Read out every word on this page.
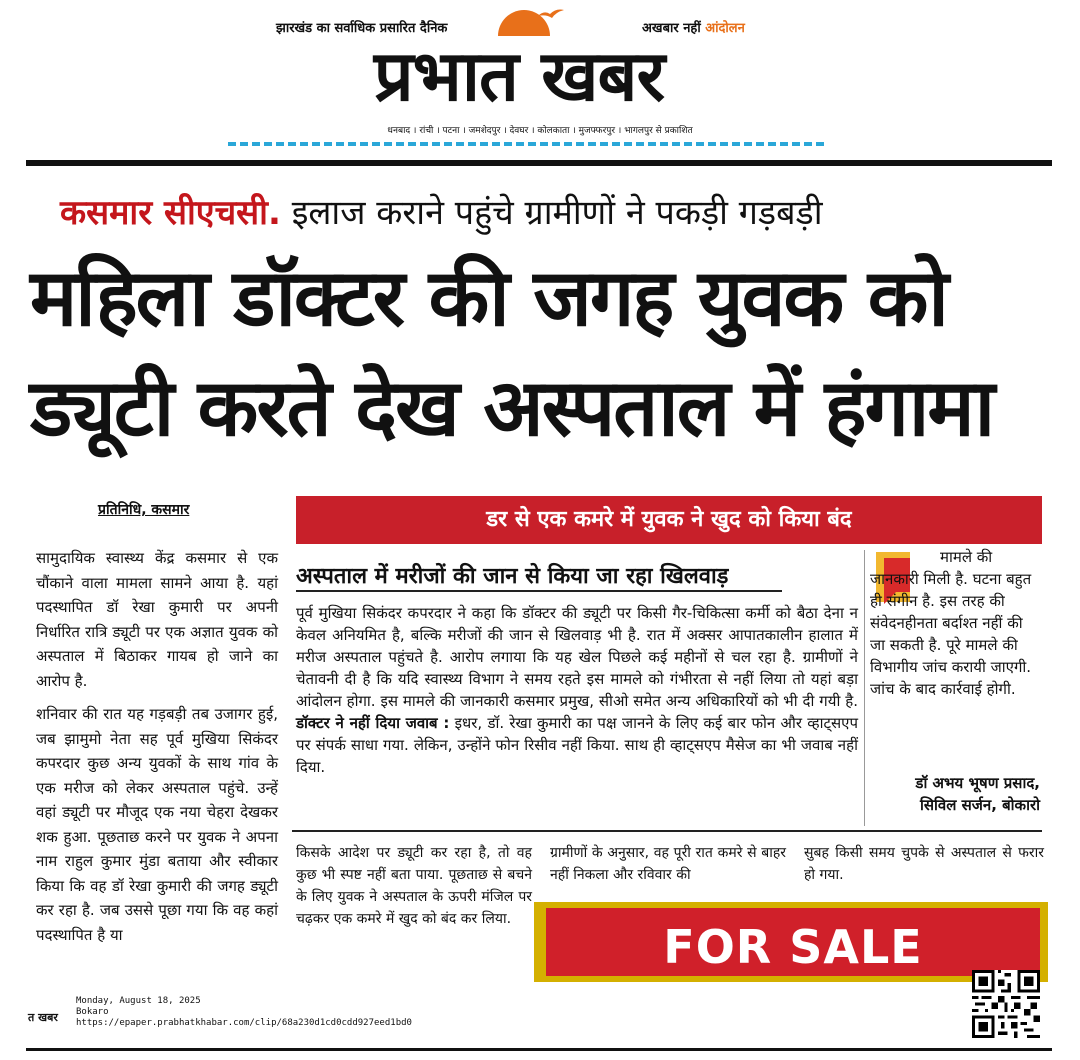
झारखंड का सर्वाधिक प्रसारित दैनिक	अखबार नहीं आंदोलन
प्रभात खबर
धनबाद । रांची । पटना । जमशेदपुर । देवघर । कोलकाता । मुजफ्फरपुर । भागलपुर से प्रकाशित
कसमार सीएचसी. इलाज कराने पहुंचे ग्रामीणों ने पकड़ी गड़बड़ी
महिला डॉक्टर की जगह युवक को
ड्यूटी करते देख अस्पताल में हंगामा
प्रतिनिधि, कसमार	डर से एक कमरे में युवक ने खुद को किया बंद
सामुदायिक स्वास्थ्य केंद्र कसमार से एक चौंकाने वाला मामला सामने आया है. यहां पदस्थापित डॉ रेखा कुमारी पर अपनी निर्धारित रात्रि ड्यूटी पर एक अज्ञात युवक को अस्पताल में बिठाकर गायब हो जाने का आरोप है.
शनिवार की रात यह गड़बड़ी तब उजागर हुई, जब झामुमो नेता सह पूर्व मुखिया सिकंदर कपरदार कुछ अन्य युवकों के साथ गांव के एक मरीज को लेकर अस्पताल पहुंचे. उन्हें वहां ड्यूटी पर मौजूद एक नया चेहरा देखकर शक हुआ. पूछताछ करने पर युवक ने अपना नाम राहुल कुमार मुंडा बताया और स्वीकार किया कि वह डॉ रेखा कुमारी की जगह ड्यूटी कर रहा है. जब उससे पूछा गया कि वह कहां पदस्थापित है या
अस्पताल में मरीजों की जान से किया जा रहा खिलवाड़
पूर्व मुखिया सिकंदर कपरदार ने कहा कि डॉक्टर की ड्यूटी पर किसी गैर-चिकित्सा कर्मी को बैठा देना न केवल अनियमित है, बल्कि मरीजों की जान से खिलवाड़ भी है. रात में अक्सर आपातकालीन हालात में मरीज अस्पताल पहुंचते है. आरोप लगाया कि यह खेल पिछले कई महीनों से चल रहा है. ग्रामीणों ने चेतावनी दी है कि यदि स्वास्थ्य विभाग ने समय रहते इस मामले को गंभीरता से नहीं लिया तो यहां बड़ा आंदोलन होगा. इस मामले की जानकारी कसमार प्रमुख, सीओ समेत अन्य अधिकारियों को भी दी गयी है. डॉक्टर ने नहीं दिया जवाब : इधर, डॉ. रेखा कुमारी का पक्ष जानने के लिए कई बार फोन और व्हाट्सएप पर संपर्क साधा गया. लेकिन, उन्होंने फोन रिसीव नहीं किया. साथ ही व्हाट्सएप मैसेज का भी जवाब नहीं दिया.
मामले की जानकारी मिली है. घटना बहुत ही संगीन है. इस तरह की संवेदनहीनता बर्दाश्त नहीं की जा सकती है. पूरे मामले की विभागीय जांच करायी जाएगी. जांच के बाद कार्रवाई होगी.
डॉ अभय भूषण प्रसाद,
सिविल सर्जन, बोकारो
किसके आदेश पर ड्यूटी कर रहा है, तो वह कुछ भी स्पष्ट नहीं बता पाया. पूछताछ से बचने के लिए युवक ने अस्पताल के ऊपरी मंजिल पर चढ़कर एक कमरे में खुद को बंद कर लिया.
ग्रामीणों के अनुसार, वह पूरी रात कमरे से बाहर नहीं निकला और रविवार की
सुबह किसी समय चुपके से अस्पताल से फरार हो गया.
FOR SALE
त खबर
Monday, August 18, 2025
Bokaro
https://epaper.prabhatkhabar.com/clip/68a230d1cd0cdd927eed1bd0
